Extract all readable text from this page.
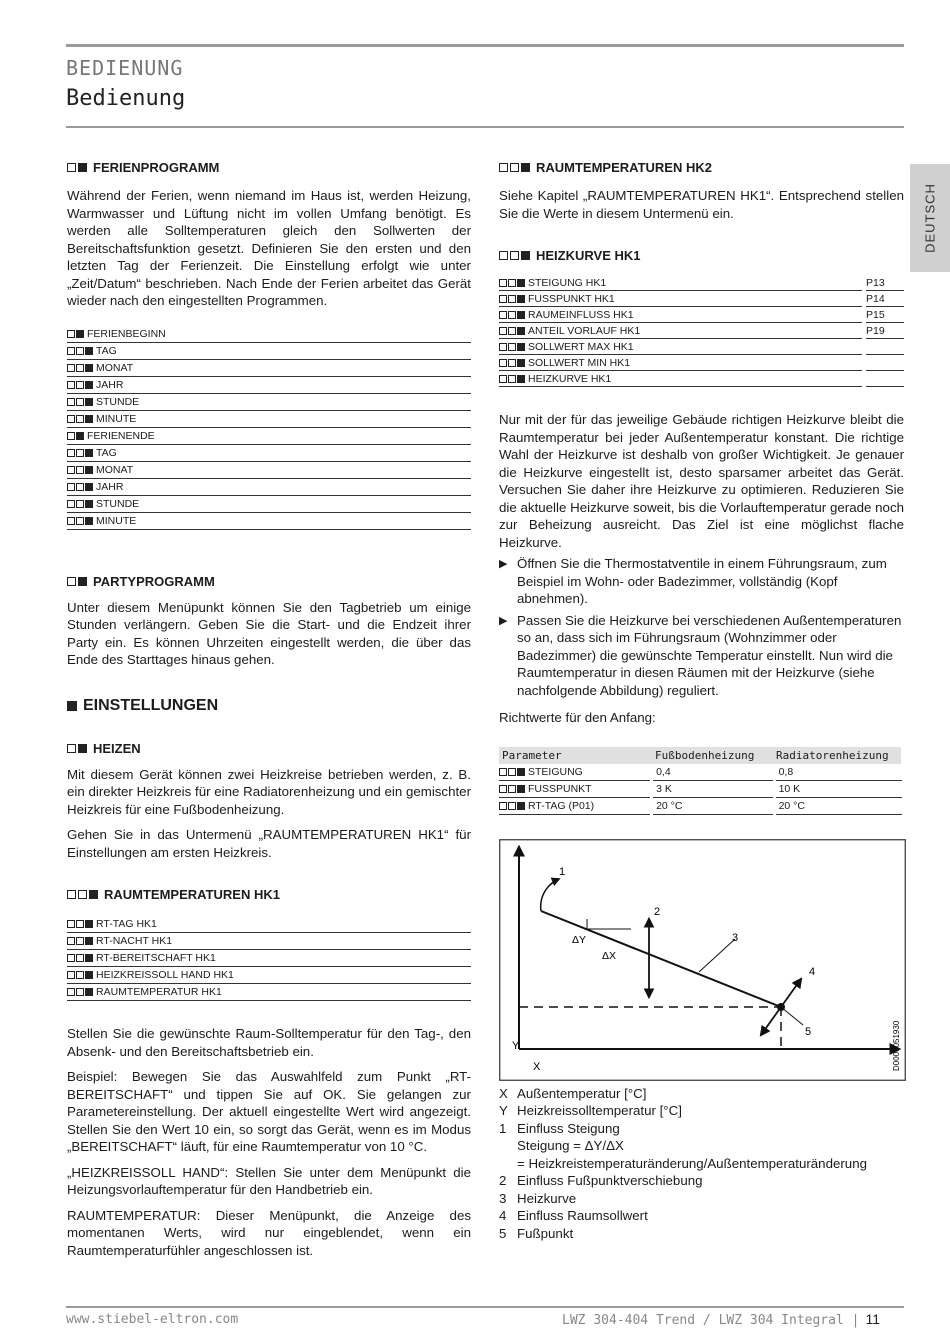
BEDIENUNG
Bedienung
DEUTSCH
FERIENPROGRAMM

Während der Ferien, wenn niemand im Haus ist, werden Heizung, Warmwasser und Lüftung nicht im vollen Umfang benötigt. Es werden alle Solltemperaturen gleich den Sollwerten der Bereitschaftsfunktion gesetzt. Definieren Sie den ersten und den letzten Tag der Ferienzeit. Die Einstellung erfolgt wie unter „Zeit/Datum“ beschrieben. Nach Ende der Ferien arbeitet das Gerät wieder nach den eingestellten Programmen.

FERIENBEGINN
TAG
MONAT
JAHR
STUNDE
MINUTE
FERIENENDE
TAG
MONAT
JAHR
STUNDE
MINUTE
PARTYPROGRAMM

Unter diesem Menüpunkt können Sie den Tagbetrieb um einige Stunden verlängern. Geben Sie die Start- und die Endzeit ihrer Party ein. Es können Uhrzeiten eingestellt werden, die über das Ende des Starttages hinaus gehen.

EINSTELLUNGEN
HEIZEN

Mit diesem Gerät können zwei Heizkreise betrieben werden, z. B. ein direkter Heizkreis für eine Radiatorenheizung und ein gemischter Heizkreis für eine Fußbodenheizung.

Gehen Sie in das Untermenü „RAUMTEMPERATUREN HK1“ für Einstellungen am ersten Heizkreis.

RAUMTEMPERATUREN HK1
RT-TAG HK1
RT-NACHT HK1
RT-BEREITSCHAFT HK1
HEIZKREISSOLL HAND HK1
RAUMTEMPERATUR HK1

Stellen Sie die gewünschte Raum-Solltemperatur für den Tag-, den Absenk- und den Bereitschaftsbetrieb ein.

Beispiel: Bewegen Sie das Auswahlfeld zum Punkt „RT-BEREITSCHAFT“ und tippen Sie auf OK. Sie gelangen zur Parametereinstellung. Der aktuell eingestellte Wert wird angezeigt. Stellen Sie den Wert 10 ein, so sorgt das Gerät, wenn es im Modus „BEREITSCHAFT“ läuft, für eine Raumtemperatur von 10 °C.

„HEIZKREISSOLL HAND“: Stellen Sie unter dem Menüpunkt die Heizungsvorlauftemperatur für den Handbetrieb ein.

RAUMTEMPERATUR: Dieser Menüpunkt, die Anzeige des momentanen Werts, wird nur eingeblendet, wenn ein Raumtemperaturfühler angeschlossen ist.

RAUMTEMPERATUREN HK2

Siehe Kapitel „RAUMTEMPERATUREN HK1“. Entsprechend stellen Sie die Werte in diesem Untermenü ein.

HEIZKURVE HK1
STEIGUNG HK1	P13
FUSSPUNKT HK1	P14
RAUMEINFLUSS HK1	P15
ANTEIL VORLAUF HK1	P19
SOLLWERT MAX HK1
SOLLWERT MIN HK1
HEIZKURVE HK1

Nur mit der für das jeweilige Gebäude richtigen Heizkurve bleibt die Raumtemperatur bei jeder Außentemperatur konstant. Die richtige Wahl der Heizkurve ist deshalb von großer Wichtigkeit. Je genauer die Heizkurve eingestellt ist, desto sparsamer arbeitet das Gerät. Versuchen Sie daher ihre Heizkurve zu optimieren. Reduzieren Sie die aktuelle Heizkurve soweit, bis die Vorlauftemperatur gerade noch zur Beheizung ausreicht. Das Ziel ist eine möglichst flache Heizkurve.

▶ Öffnen Sie die Thermostatventile in einem Führungsraum, zum Beispiel im Wohn- oder Badezimmer, vollständig (Kopf abnehmen).
▶ Passen Sie die Heizkurve bei verschiedenen Außentemperaturen so an, dass sich im Führungsraum (Wohnzimmer oder Badezimmer) die gewünschte Temperatur einstellt. Nun wird die Raumtemperatur in diesen Räumen mit der Heizkurve (siehe nachfolgende Abbildung) reguliert.

Richtwerte für den Anfang:

Parameter	Fußbodenheizung	Radiatorenheizung
STEIGUNG	0,4	0,8
FUSSPUNKT	3 K	10 K
RT-TAG (P01)	20 °C	20 °C
1
2
3
4
5
ΔY
ΔX
Y
X	D0000051930
X Außentemperatur [°C]
Y Heizkreissolltemperatur [°C]
1 Einfluss Steigung
Steigung = ΔY/ΔX
= Heizkreistemperaturänderung/Außentemperaturänderung
2 Einfluss Fußpunktverschiebung
3 Heizkurve
4 Einfluss Raumsollwert
5 Fußpunkt
www.stiebel-eltron.com	LWZ 304-404 Trend / LWZ 304 Integral | 11
